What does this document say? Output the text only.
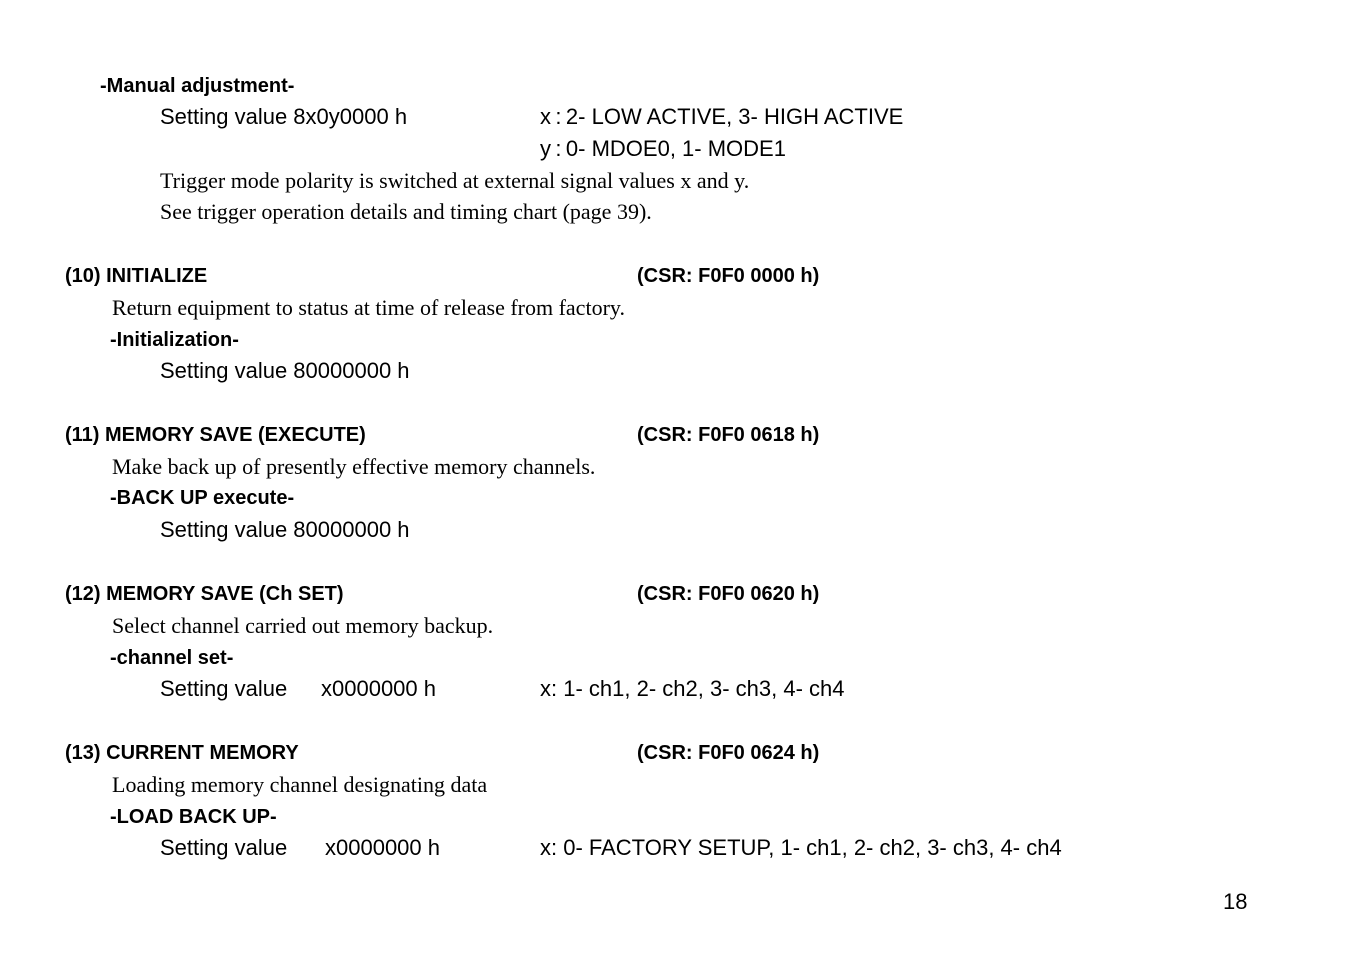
-Manual adjustment-
Setting value 8x0y0000 h	x : 2- LOW ACTIVE, 3- HIGH ACTIVE
y : 0- MDOE0, 1- MODE1
Trigger mode polarity is switched at external signal values x and y.
See trigger operation details and timing chart (page 39).
(10) INITIALIZE	(CSR: F0F0 0000 h)
Return equipment to status at time of release from factory.
-Initialization-
Setting value 80000000 h
(11) MEMORY SAVE (EXECUTE)	(CSR: F0F0 0618 h)
Make back up of presently effective memory channels.
-BACK UP execute-
Setting value 80000000 h
(12) MEMORY SAVE (Ch SET)	(CSR: F0F0 0620 h)
Select channel carried out memory backup.
-channel set-
Setting value x0000000 h	x: 1- ch1, 2- ch2, 3- ch3, 4- ch4
(13) CURRENT MEMORY	(CSR: F0F0 0624 h)
Loading memory channel designating data
-LOAD BACK UP-
Setting value x0000000 h	x: 0- FACTORY SETUP, 1- ch1, 2- ch2, 3- ch3, 4- ch4
18
